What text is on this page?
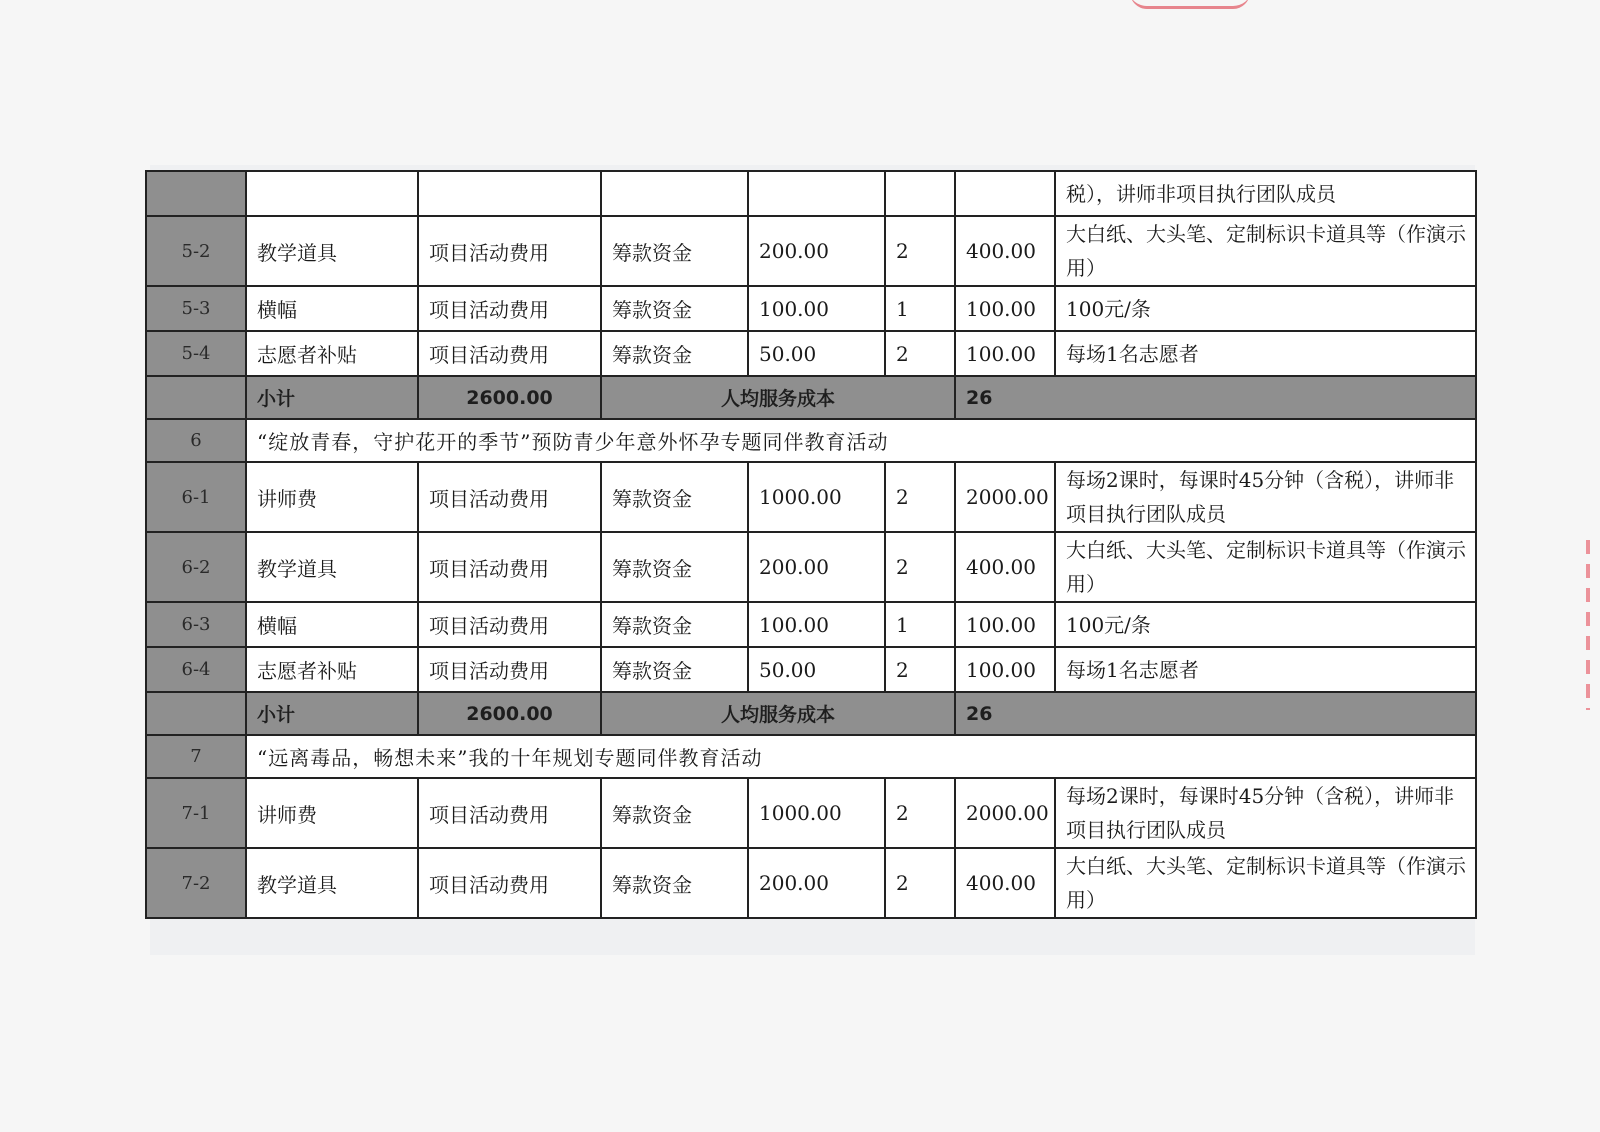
							税），讲师非项目执行团队成员
5-2	教学道具	项目活动费用	筹款资金	200.00	2	400.00	大白纸、大头笔、定制标识卡道具等（作演示用）
5-3	横幅	项目活动费用	筹款资金	100.00	1	100.00	100元/条
5-4	志愿者补贴	项目活动费用	筹款资金	50.00	2	100.00	每场1名志愿者
	小计	2600.00	人均服务成本			26	
6	“绽放青春，守护花开的季节”预防青少年意外怀孕专题同伴教育活动						
6-1	讲师费	项目活动费用	筹款资金	1000.00	2	2000.00	每场2课时，每课时45分钟（含税），讲师非项目执行团队成员
6-2	教学道具	项目活动费用	筹款资金	200.00	2	400.00	大白纸、大头笔、定制标识卡道具等（作演示用）
6-3	横幅	项目活动费用	筹款资金	100.00	1	100.00	100元/条
6-4	志愿者补贴	项目活动费用	筹款资金	50.00	2	100.00	每场1名志愿者
	小计	2600.00	人均服务成本			26	
7	“远离毒品，畅想未来”我的十年规划专题同伴教育活动						
7-1	讲师费	项目活动费用	筹款资金	1000.00	2	2000.00	每场2课时，每课时45分钟（含税），讲师非项目执行团队成员
7-2	教学道具	项目活动费用	筹款资金	200.00	2	400.00	大白纸、大头笔、定制标识卡道具等（作演示用）
